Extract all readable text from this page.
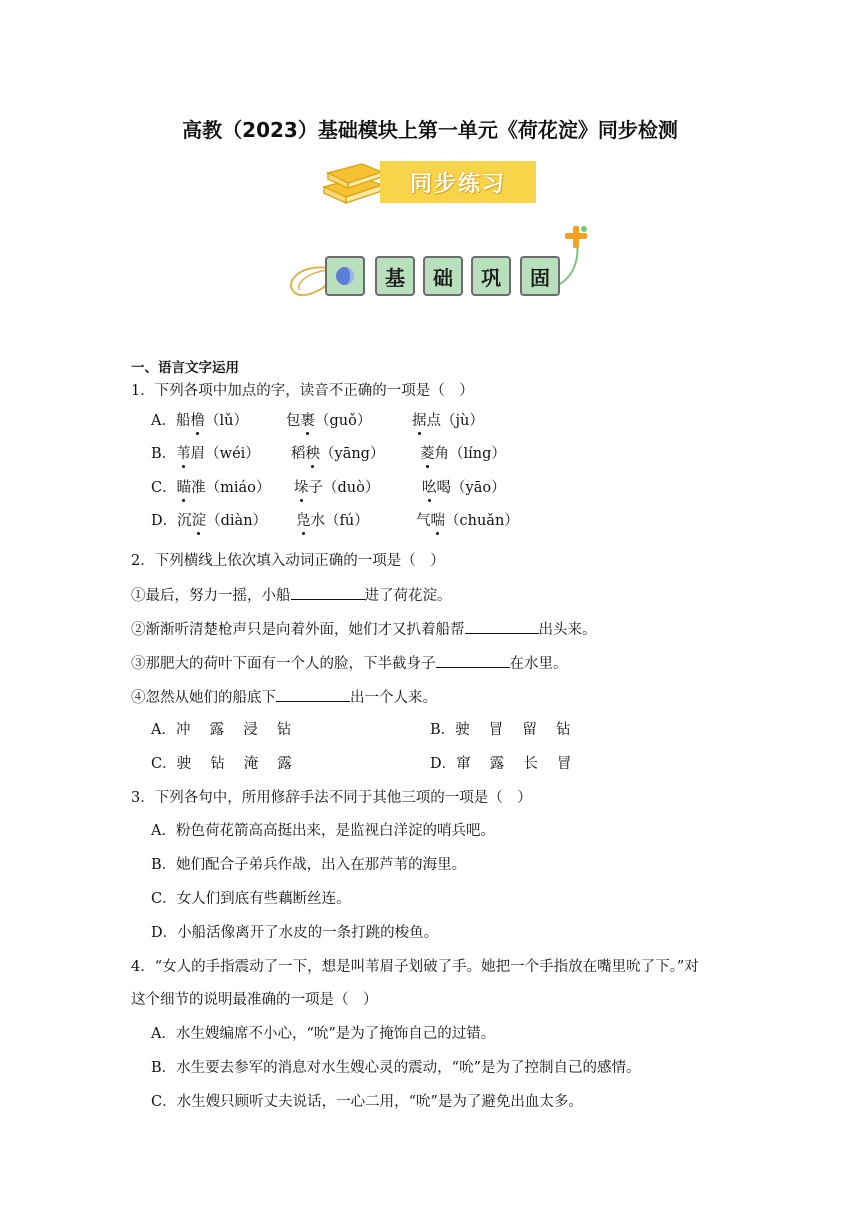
高教（2023）基础模块上第一单元《荷花淀》同步检测
同步练习
基	础	巩	固
一、语言文字运用
1．下列各项中加点的字，读音不正确的一项是（　）
A．船橹（lǔ）	包裹（guǒ）	据点（jù）
B．苇眉（wéi） 稻秧（yāng） 菱角（líng）
C．瞄准（miáo） 垛子（duò）	吆喝（yāo）
D．沉淀（diàn） 凫水（fú）	气喘（chuǎn）
2．下列横线上依次填入动词正确的一项是（　）
①最后，努力一摇，小船	进了荷花淀。
②渐渐听清楚枪声只是向着外面，她们才又扒着船帮	出头来。
③那肥大的荷叶下面有一个人的脸，下半截身子	在水里。
④忽然从她们的船底下	出一个人来。
A．冲　 露　 浸　 钻	B．驶　 冒　 留　 钻
C．驶　 钻　 淹　 露	D．窜　 露　 长　 冒
3．下列各句中，所用修辞手法不同于其他三项的一项是（　）
A．粉色荷花箭高高挺出来，是监视白洋淀的哨兵吧。
B．她们配合子弟兵作战，出入在那芦苇的海里。
C．女人们到底有些藕断丝连。
D．小船活像离开了水皮的一条打跳的梭鱼。
4．“女人的手指震动了一下，想是叫苇眉子划破了手。她把一个手指放在嘴里吮了下。”对
这个细节的说明最准确的一项是（　）
A．水生嫂编席不小心，“吮”是为了掩饰自己的过错。
B．水生要去参军的消息对水生嫂心灵的震动，“吮”是为了控制自己的感情。
C．水生嫂只顾听丈夫说话，一心二用，“吮”是为了避免出血太多。
